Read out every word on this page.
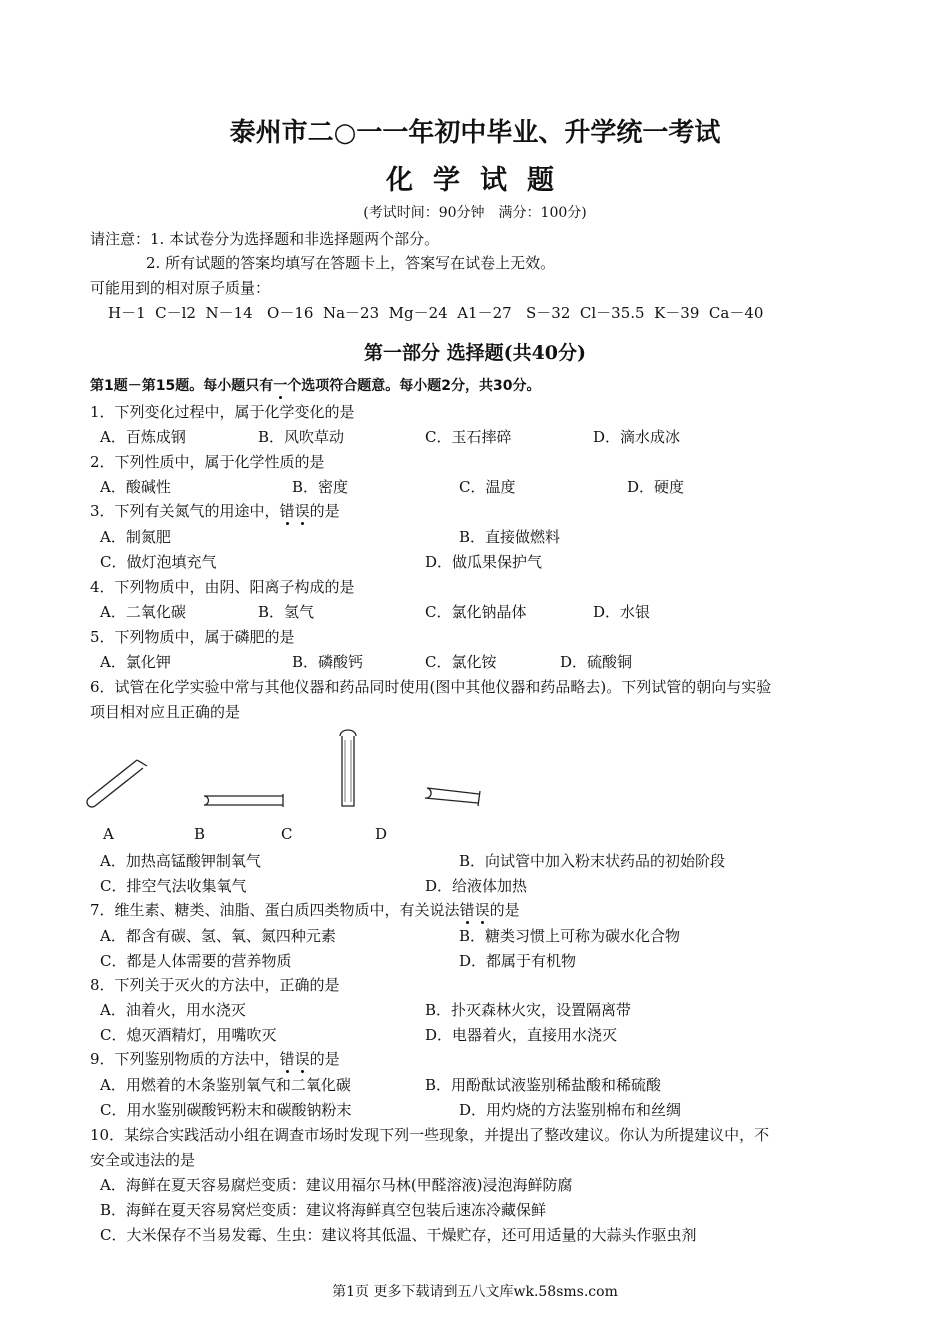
泰州市二○一一年初中毕业、升学统一考试
化学试题
(考试时间：90分钟　满分：100分)
请注意：1. 本试卷分为选择题和非选择题两个部分。
2. 所有试题的答案均填写在答题卡上，答案写在试卷上无效。
可能用到的相对原子质量：
H－1  C－l2  N－14   O－16  Na－23  Mg－24  A1－27   S－32  Cl－35.5  K－39  Ca－40
第一部分 选择题(共40分)
第1题－第15题。每小题只有一个选项符合题意。每小题2分，共30分。
1．下列变化过程中，属于化学变化的是
A．百炼成钢	B．风吹草动	C．玉石摔碎	D．滴水成冰
2．下列性质中，属于化学性质的是
A．酸碱性	B．密度	C．温度	D．硬度
3．下列有关氮气的用途中，错误的是
A．制氮肥	B．直接做燃料
C．做灯泡填充气	D．做瓜果保护气
4．下列物质中，由阴、阳离子构成的是
A．二氧化碳	B．氢气	C．氯化钠晶体	D．水银
5．下列物质中，属于磷肥的是
A．氯化钾	B．磷酸钙	C．氯化铵	D．硫酸铜
6．试管在化学实验中常与其他仪器和药品同时使用(图中其他仪器和药品略去)。下列试管的朝向与实验
项目相对应且正确的是
A	B	C	D
A．加热高锰酸钾制氧气	B．向试管中加入粉末状药品的初始阶段
C．排空气法收集氧气	D．给液体加热
7．维生素、糖类、油脂、蛋白质四类物质中，有关说法错误的是
A．都含有碳、氢、氧、氮四种元素	B．糖类习惯上可称为碳水化合物
C．都是人体需要的营养物质	D．都属于有机物
8．下列关于灭火的方法中，正确的是
A．油着火，用水浇灭	B．扑灭森林火灾，设置隔离带
C．熄灭酒精灯，用嘴吹灭	D．电器着火，直接用水浇灭
9．下列鉴别物质的方法中，错误的是
A．用燃着的木条鉴别氧气和二氧化碳	B．用酚酞试液鉴别稀盐酸和稀硫酸
C．用水鉴别碳酸钙粉末和碳酸钠粉末	D．用灼烧的方法鉴别棉布和丝绸
10．某综合实践活动小组在调查市场时发现下列一些现象，并提出了整改建议。你认为所提建议中，不
安全或违法的是
A．海鲜在夏天容易腐烂变质：建议用福尔马林(甲醛溶液)浸泡海鲜防腐
B．海鲜在夏天容易窝烂变质：建议将海鲜真空包装后速冻冷藏保鲜
C．大米保存不当易发霉、生虫：建议将其低温、干燥贮存，还可用适量的大蒜头作驱虫剂
第1页 更多下载请到五八文库wk.58sms.com
